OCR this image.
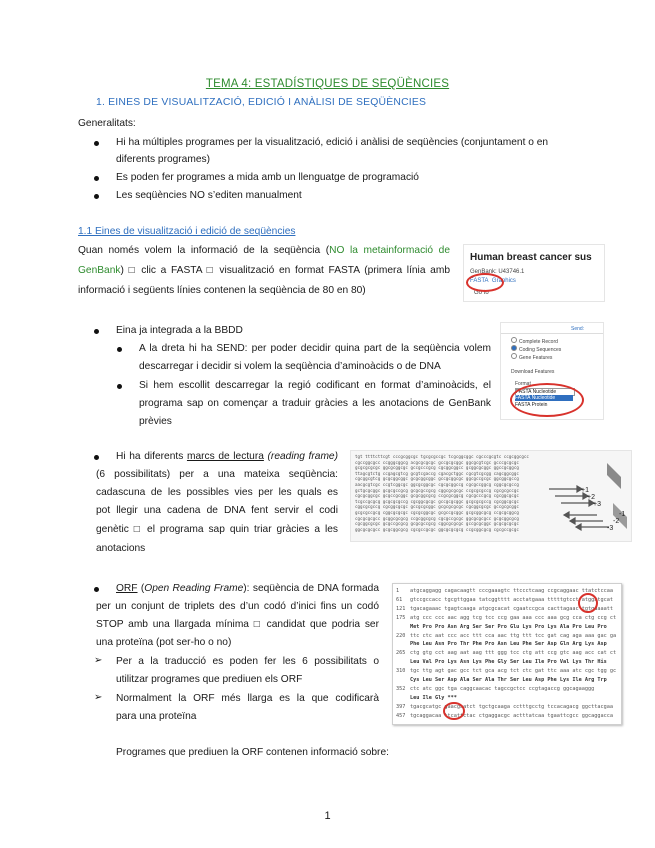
TEMA 4: ESTADÍSTIQUES DE SEQÜÈNCIES
1. EINES DE VISUALITZACIÓ, EDICIÓ I ANÀLISI DE SEQÜÈNCIES
Generalitats:
Hi ha múltiples programes per la visualització, edició i anàlisi de seqüències (conjuntament o en
diferents programes)
Es poden fer programes a mida amb un llenguatge de programació
Les seqüències NO s’editen manualment
1.1 Eines de visualització i edició de seqüències
Quan només volem la informació de la seqüència (NO la metainformació de
GenBank) □ clic a FASTA □ visualització en format FASTA (primera línia amb
informació i següents línies contenen la seqüència de 80 en 80)
Human breast cancer sus
GenBank: U43746.1
FASTA Graphics
Go to
Eina ja integrada a la BBDD
A la dreta hi ha SEND: per poder decidir quina part de la seqüència volem
descarregar i decidir si volem la seqüència d’aminoàcids o de DNA
Si hem escollit descarregar la regió codificant en format d’aminoàcids, el
programa sap on començar a traduir gràcies a les anotacions de GenBank
prèvies
Send:
Complete Record
Coding Sequences
Gene Features
Download Features
Format
FASTA Nucleotide
FASTA Nucleotide
FASTA Protein
Hi ha diferents marcs de lectura (reading frame)
(6 possibilitats) per a una mateixa seqüència:
cadascuna de les possibles vies per les quals es
pot llegir una cadena de DNA fent servir el codi
genètic □ el programa sap quin triar gràcies a les
anotacions
tgt ttttcttcgt cccgcggcgc tgcgcgccgc tcgcggcggc cgcccgcgtc ccgcggcgcc
cgccggcgcc ccgggcggcg acgcgcgcgc gccgcgcggc ggcgcgtcgc gcccgcgcgc
gcgcgcgcgc ggcgcggcgc gccgcccgcg cgcggcggcc gcggcgcggc ggccgcggcg
ttagcgtctg ccgagcgtcg gcgtcgaccg cgacgctggc cgcgtcgcgg cagcggcggc
cgcggcgtcg gcgcggcggc gcgcggcggc gccgcggcgc ggcgccgcgc ggcggcgccg
aacgcgtcgc ccgtcggcgc ggcgcggcgc cgcgcggccg cgcgccggcg cggcgcgccg
gctgcgcggc gcgcgccgcg gcgcgccgcg cggcgcgcgc ccgcgcgccg cgcgcgccgc
cgcgcggcgc gcgccgcggc gcgcggcgcg ccgcgcggcg cgcgcccgcg cgcggcgcgc
tcgccgcgcg gcgcgcgccg cgcggcgcgc gccgcgcggc gcgcgcgccg cgcggcgcgc
cggcgcgccg cgcggcgcgc gccgcgcggc gcgcgcgcgc cgcggcgcgc gccgcgcggc
gcgcgccgcg cggcgcgcgc cgcgcggcgc gcgccgcggc gcgcggcgcg ccgcgcggcg
cgcgcgcgcc gcggcgcgcg ccgcggcgcg cgcgccgcgc ggcgcgcgcc gcgcggcgcg
cgcggcgcgc gcgccgcgcg gcgcgccgcg cggcgcgcgc gccgcgcggc gcgcgcgcgc
ggcgcgcgcc gcgcggcgcg cgcgccgcgc ggcgcgcgcg ccgcggcgcg cgcgccgcgc
+1
+2
+3
-1
-2
-3
ORF (Open Reading Frame): seqüència de DNA formada
per un conjunt de triplets des d’un codó d’inici fins un codó
STOP amb una llargada mínima □ candidat que podria ser
una proteïna (pot ser-ho o no)
➢ Per a la traducció es poden fer les 6 possibilitats o
utilitzar programes que prediuen els ORF
➢ Normalment la ORF més llarga es la que codificarà
para una proteïna
Programes que prediuen la ORF contenen informació sobre:
1 atgcaggagg cagacaagtt cccgaaagtc ttccctcaag ccgcaggaac ttatctccaa
61 gtccgccacc tgcgttggaa tatcggtttt acctatgaaa tttttgtcct atggatgcat
121 tgacagaaac tgagtcaaga atgcgcacat cgaatccgca cacttagaac tgtgaaaatt
175 atg ccc ccc aac agg tcg tcc ccg gaa aaa ccc aaa gcg cca ctg ccg ct
Met Pro Pro Asn Arg Ser Ser Pro Glu Lys Pro Lys Ala Pro Leu Pro
220 ttc ctc aat ccc acc ttt cca aac ttg ttt tcc gat cag aga aaa gac ga
Phe Leu Asn Pro Thr Phe Pro Asn Leu Phe Ser Asp Gln Arg Lys Asp
265 ctg gtg cct aag aat aag ttt ggg tcc ctg att ccg gtc aag acc cat ct
Leu Val Pro Lys Asn Lys Phe Gly Ser Leu Ile Pro Val Lys Thr His
310 tgc ttg agt gac gcc tct gca acg tct ctc gat ttc aaa atc cgc tgg gc
Cys Leu Ser Asp Ala Ser Ala Thr Ser Leu Asp Phe Lys Ile Arg Trp
352 ctc atc ggc tga caggcaacac tagccgctcc ccgtagaccg ggcagaaggg
Leu Ile Gly ***
397 tgacgcatgc gaacgaatct tgctgcaaga cctttgcctg tccacagacg ggcttacgaa
457 tgcaggacaa ttcattctac ctgaggacgc actttatcaa tgaattcgcc ggcaggacca
1
